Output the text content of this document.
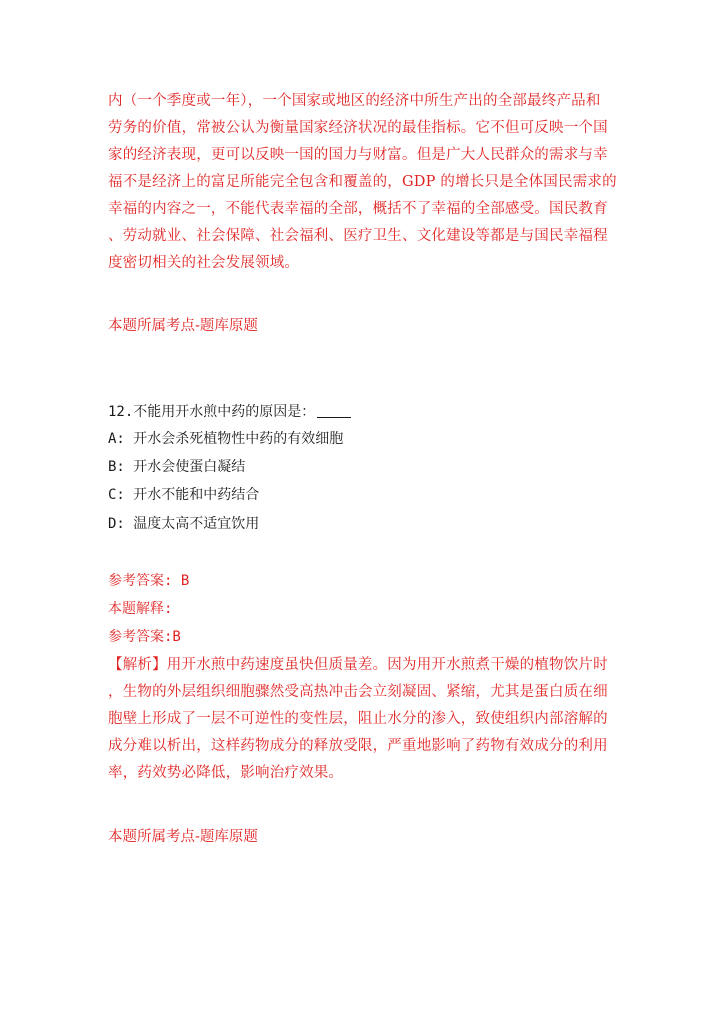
内（一个季度或一年），一个国家或地区的经济中所生产出的全部最终产品和
劳务的价值，常被公认为衡量国家经济状况的最佳指标。它不但可反映一个国
家的经济表现，更可以反映一国的国力与财富。但是广大人民群众的需求与幸
福不是经济上的富足所能完全包含和覆盖的，GDP 的增长只是全体国民需求的
幸福的内容之一，不能代表幸福的全部，概括不了幸福的全部感受。国民教育
、劳动就业、社会保障、社会福利、医疗卫生、文化建设等都是与国民幸福程
度密切相关的社会发展领域。
本题所属考点-题库原题
12.不能用开水煎中药的原因是：
A: 开水会杀死植物性中药的有效细胞
B: 开水会使蛋白凝结
C: 开水不能和中药结合
D: 温度太高不适宜饮用
参考答案: B
本题解释:
参考答案:B
【解析】用开水煎中药速度虽快但质量差。因为用开水煎煮干燥的植物饮片时
，生物的外层组织细胞骤然受高热冲击会立刻凝固、紧缩，尤其是蛋白质在细
胞壁上形成了一层不可逆性的变性层，阻止水分的渗入，致使组织内部溶解的
成分难以析出，这样药物成分的释放受限，严重地影响了药物有效成分的利用
率，药效势必降低，影响治疗效果。
本题所属考点-题库原题
